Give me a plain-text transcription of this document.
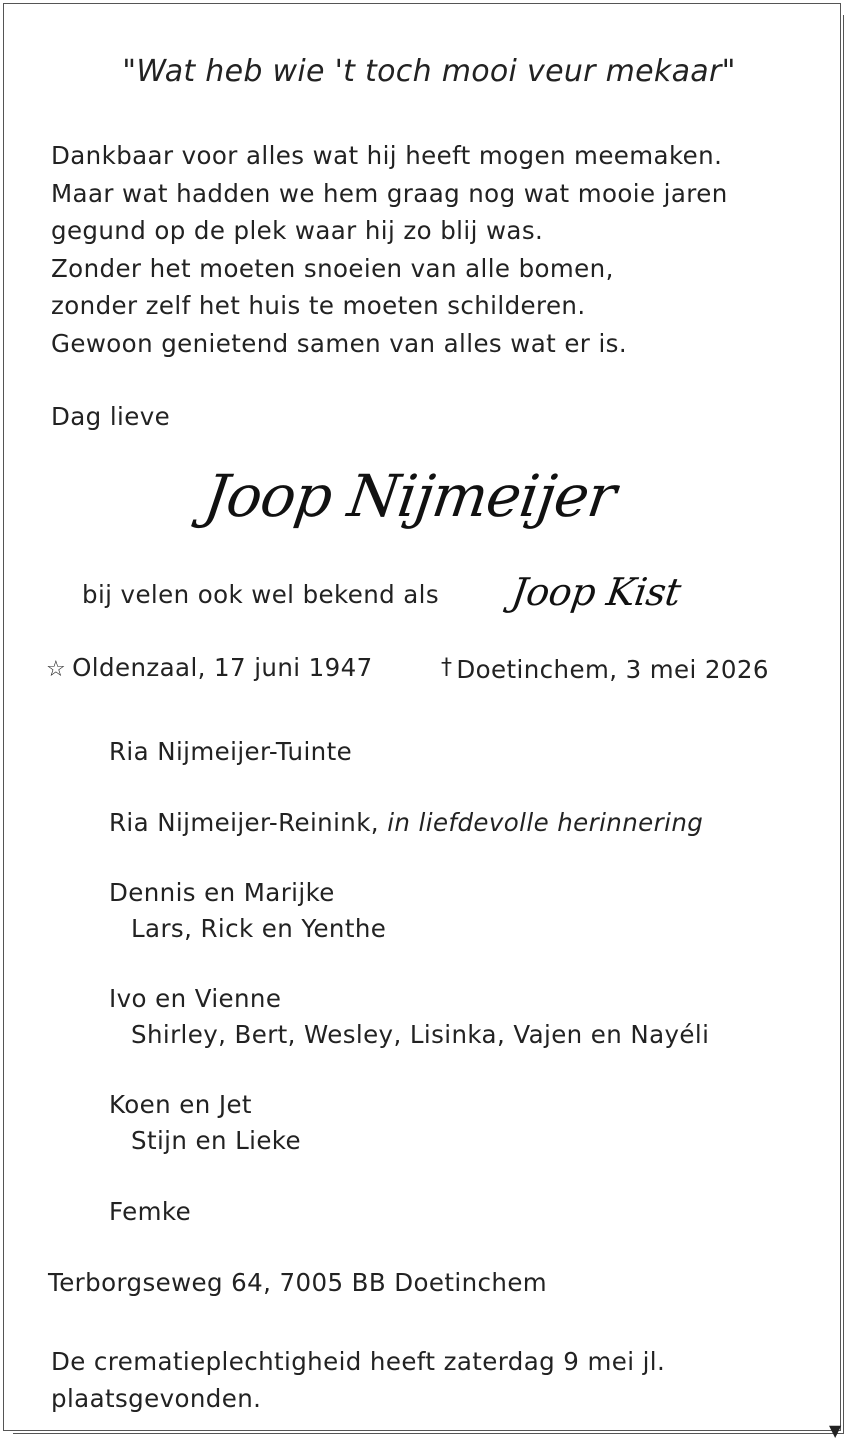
▼
"Wat heb wie 't toch mooi veur mekaar"
Dankbaar voor alles wat hij heeft mogen meemaken.
Maar wat hadden we hem graag nog wat mooie jaren
gegund op de plek waar hij zo blij was.
Zonder het moeten snoeien van alle bomen,
zonder zelf het huis te moeten schilderen.
Gewoon genietend samen van alles wat er is.
Dag lieve
Joop Nijmeijer
bij velen ook wel bekend als Joop Kist
☆ Oldenzaal, 17 juni 1947	† Doetinchem, 3 mei 2026
Ria Nijmeijer-Tuinte
Ria Nijmeijer-Reinink, in liefdevolle herinnering
Dennis en Marijke
Lars, Rick en Yenthe
Ivo en Vienne
Shirley, Bert, Wesley, Lisinka, Vajen en Nayéli
Koen en Jet
Stijn en Lieke
Femke
Terborgseweg 64, 7005 BB Doetinchem
De crematieplechtigheid heeft zaterdag 9 mei jl.
plaatsgevonden.
